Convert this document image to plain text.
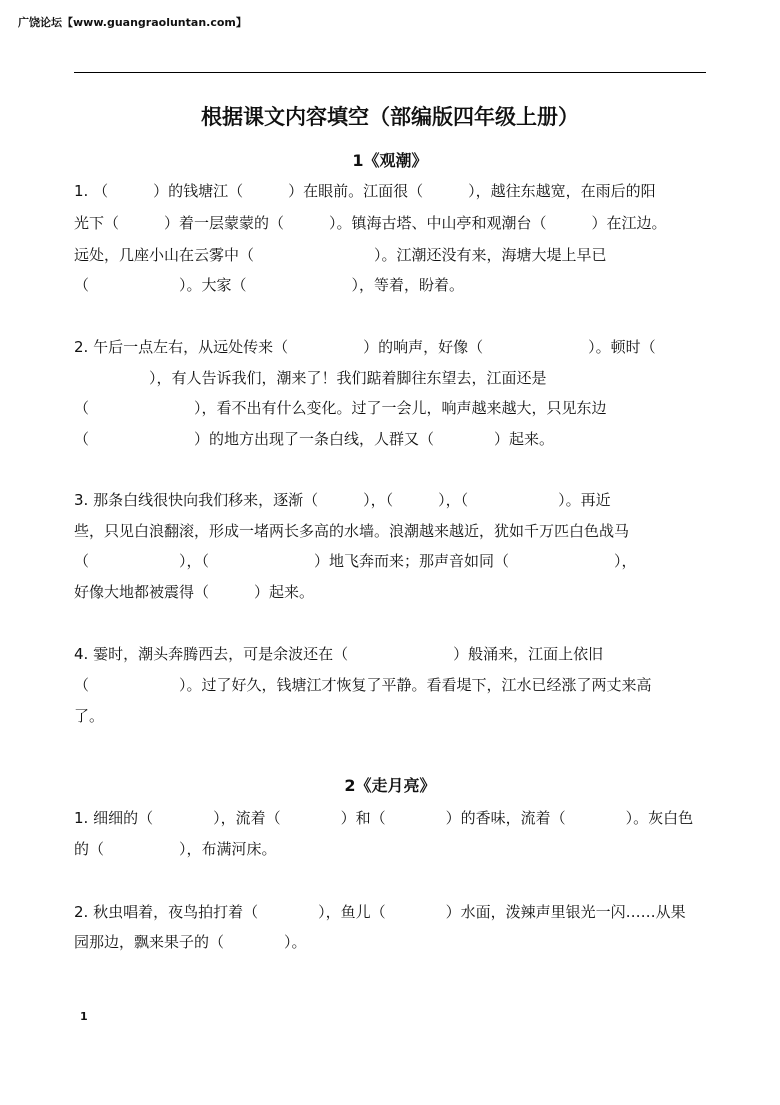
广饶论坛【www.guangraoluntan.com】
根据课文内容填空（部编版四年级上册）
1《观潮》
1. （　　　）的钱塘江（　　　）在眼前。江面很（　　　），越往东越宽，在雨后的阳
光下（　　　）着一层蒙蒙的（　　　）。镇海古塔、中山亭和观潮台（　　　）在江边。
远处，几座小山在云雾中（　　　　　　　　）。江潮还没有来，海塘大堤上早已
（　　　　　　）。大家（　　　　　　　），等着，盼着。
2. 午后一点左右，从远处传来（　　　　　）的响声，好像（　　　　　　　）。顿时（
　　　　　），有人告诉我们，潮来了！我们踮着脚往东望去，江面还是
（　　　　　　　），看不出有什么变化。过了一会儿，响声越来越大，只见东边
（　　　　　　　）的地方出现了一条白线，人群又（　　　　）起来。
3. 那条白线很快向我们移来，逐渐（　　　），（　　　），（　　　　　　）。再近
些，只见白浪翻滚，形成一堵两长多高的水墙。浪潮越来越近，犹如千万匹白色战马
（　　　　　　），（　　　　　　　）地飞奔而来；那声音如同（　　　　　　　），
好像大地都被震得（　　　）起来。
4. 霎时，潮头奔腾西去，可是余波还在（　　　　　　　）般涌来，江面上依旧
（　　　　　　）。过了好久，钱塘江才恢复了平静。看看堤下，江水已经涨了两丈来高
了。
2《走月亮》
1. 细细的（　　　　），流着（　　　　）和（　　　　）的香味，流着（　　　　）。灰白色
的（　　　　　），布满河床。
2. 秋虫唱着，夜鸟拍打着（　　　　），鱼儿（　　　　）水面，泼辣声里银光一闪……从果
园那边，飘来果子的（　　　　）。
1
